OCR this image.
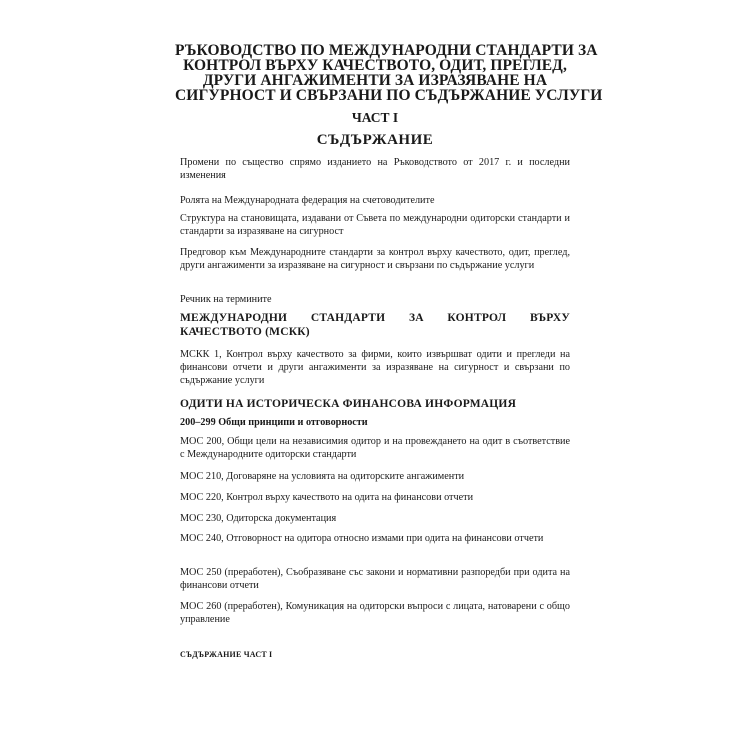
РЪКОВОДСТВО ПО МЕЖДУНАРОДНИ СТАНДАРТИ ЗА
КОНТРОЛ ВЪРХУ КАЧЕСТВОТО, ОДИТ, ПРЕГЛЕД,
ДРУГИ АНГАЖИМЕНТИ ЗА ИЗРАЗЯВАНЕ НА
СИГУРНОСТ И СВЪРЗАНИ ПО СЪДЪРЖАНИЕ УСЛУГИ
ЧАСТ I
СЪДЪРЖАНИЕ
Промени по същество спрямо изданието на Ръководството от 2017 г. и последни изменения
Ролята на Международната федерация на счетоводителите
Структура на становищата, издавани от Съвета по международни одиторски стандарти и стандарти за изразяване на сигурност
Предговор към Международните стандарти за контрол върху качеството, одит, преглед, други ангажименти за изразяване на сигурност и свързани по съдържание услуги
Речник на термините
МЕЖДУНАРОДНИ СТАНДАРТИ ЗА КОНТРОЛ ВЪРХУ КАЧЕСТВОТО (МСКК)
МСКК 1, Контрол върху качеството за фирми, които извършват одити и прегледи на финансови отчети и други ангажименти за изразяване на сигурност и свързани по съдържание услуги
ОДИТИ НА ИСТОРИЧЕСКА ФИНАНСОВА ИНФОРМАЦИЯ
200–299 Общи принципи и отговорности
МОС 200, Общи цели на независимия одитор и на провеждането на одит в съответствие с Международните одиторски стандарти
МОС 210, Договаряне на условията на одиторските ангажименти
МОС 220, Контрол върху качеството на одита на финансови отчети
МОС 230, Одиторска документация
МОС 240, Отговорност на одитора относно измами при одита на финансови отчети
МОС 250 (преработен), Съобразяване със закони и нормативни разпоредби при одита на финансови отчети
МОС 260 (преработен), Комуникация на одиторски въпроси с лицата, натоварени с общо управление
СЪДЪРЖАНИЕ ЧАСТ I
